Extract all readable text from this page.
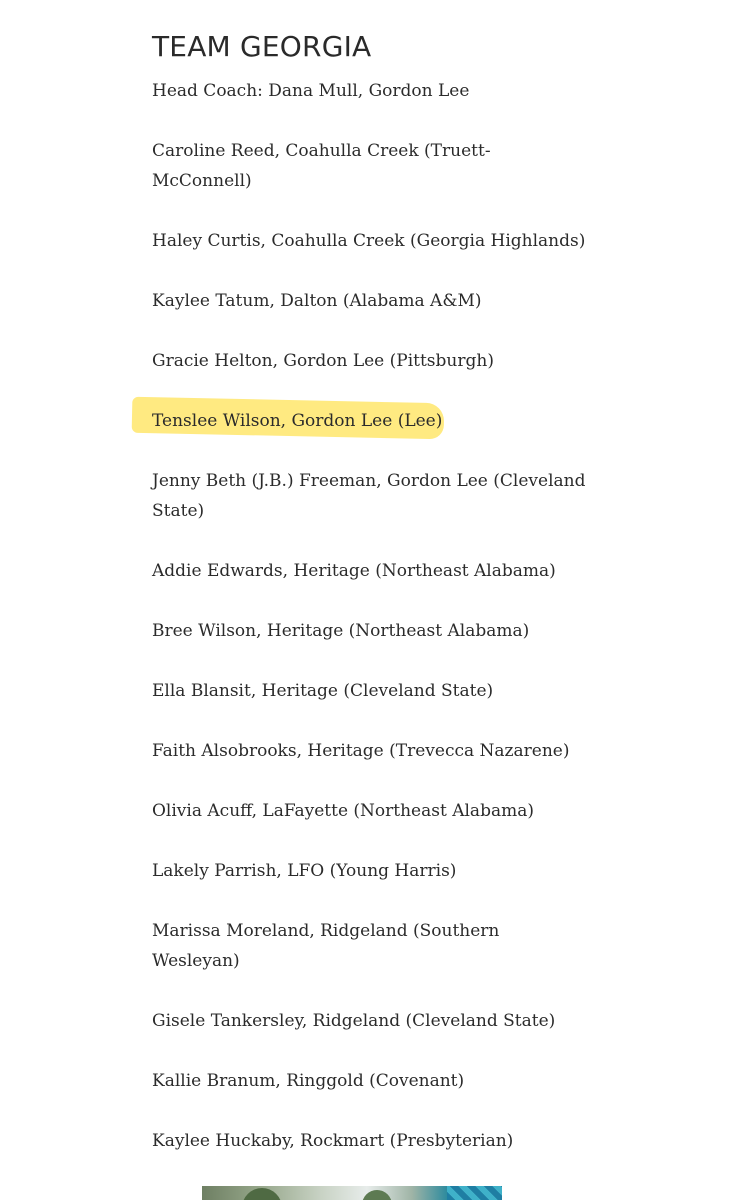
TEAM GEORGIA
Head Coach: Dana Mull, Gordon Lee
Caroline Reed, Coahulla Creek (Truett-
McConnell)
Haley Curtis, Coahulla Creek (Georgia Highlands)
Kaylee Tatum, Dalton (Alabama A&M)
Gracie Helton, Gordon Lee (Pittsburgh)
Tenslee Wilson, Gordon Lee (Lee)
Jenny Beth (J.B.) Freeman, Gordon Lee (Cleveland
State)
Addie Edwards, Heritage (Northeast Alabama)
Bree Wilson, Heritage (Northeast Alabama)
Ella Blansit, Heritage (Cleveland State)
Faith Alsobrooks, Heritage (Trevecca Nazarene)
Olivia Acuff, LaFayette (Northeast Alabama)
Lakely Parrish, LFO (Young Harris)
Marissa Moreland, Ridgeland (Southern
Wesleyan)
Gisele Tankersley, Ridgeland (Cleveland State)
Kallie Branum, Ringgold (Covenant)
Kaylee Huckaby, Rockmart (Presbyterian)
